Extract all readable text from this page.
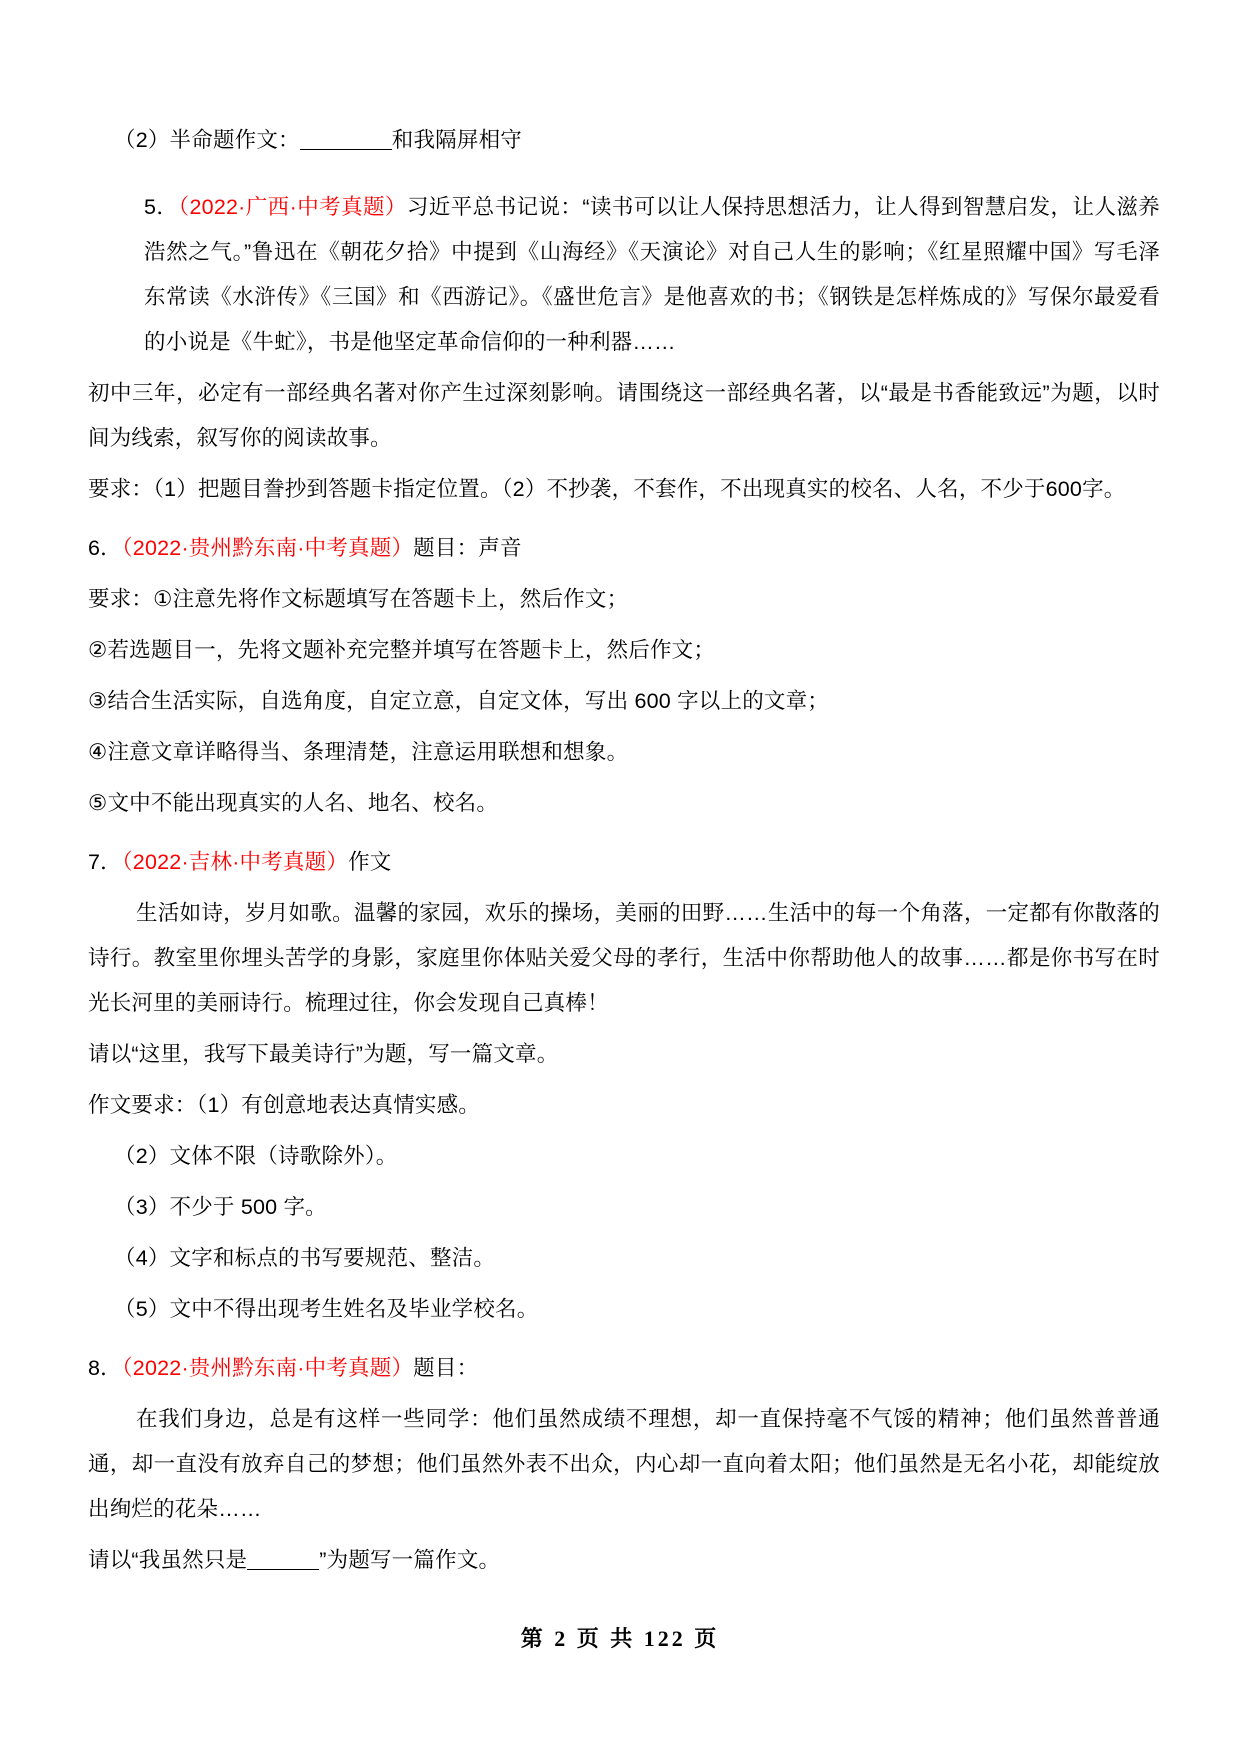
（2）半命题作文：	和我隔屏相守

5．（2022·广西·中考真题）习近平总书记说：“读书可以让人保持思想活力，让人得到智慧启发，让人滋养浩然之气。”鲁迅在《朝花夕拾》中提到《山海经》《天演论》对自己人生的影响；《红星照耀中国》写毛泽东常读《水浒传》《三国》和《西游记》。《盛世危言》是他喜欢的书；《钢铁是怎样炼成的》写保尔最爱看的小说是《牛虻》，书是他坚定革命信仰的一种利器……

初中三年，必定有一部经典名著对你产生过深刻影响。请围绕这一部经典名著，以“最是书香能致远”为题，以时间为线索，叙写你的阅读故事。

要求：（1）把题目誊抄到答题卡指定位置。（2）不抄袭，不套作，不出现真实的校名、人名，不少于600字。

6．（2022·贵州黔东南·中考真题）题目：声音

要求：①注意先将作文标题填写在答题卡上，然后作文；

②若选题目一，先将文题补充完整并填写在答题卡上，然后作文；

③结合生活实际，自选角度，自定立意，自定文体，写出 600 字以上的文章；

④注意文章详略得当、条理清楚，注意运用联想和想象。

⑤文中不能出现真实的人名、地名、校名。

7．（2022·吉林·中考真题）作文

生活如诗，岁月如歌。温馨的家园，欢乐的操场，美丽的田野……生活中的每一个角落，一定都有你散落的诗行。教室里你埋头苦学的身影，家庭里你体贴关爱父母的孝行，生活中你帮助他人的故事……都是你书写在时光长河里的美丽诗行。梳理过往，你会发现自己真棒！

请以“这里，我写下最美诗行”为题，写一篇文章。

作文要求：（1）有创意地表达真情实感。

（2）文体不限（诗歌除外）。

（3）不少于 500 字。

（4）文字和标点的书写要规范、整洁。

（5）文中不得出现考生姓名及毕业学校名。

8．（2022·贵州黔东南·中考真题）题目：

在我们身边，总是有这样一些同学：他们虽然成绩不理想，却一直保持毫不气馁的精神；他们虽然普普通通，却一直没有放弃自己的梦想；他们虽然外表不出众，内心却一直向着太阳；他们虽然是无名小花，却能绽放出绚烂的花朵……

请以“我虽然只是	”为题写一篇作文。

第 2 页 共 122 页
